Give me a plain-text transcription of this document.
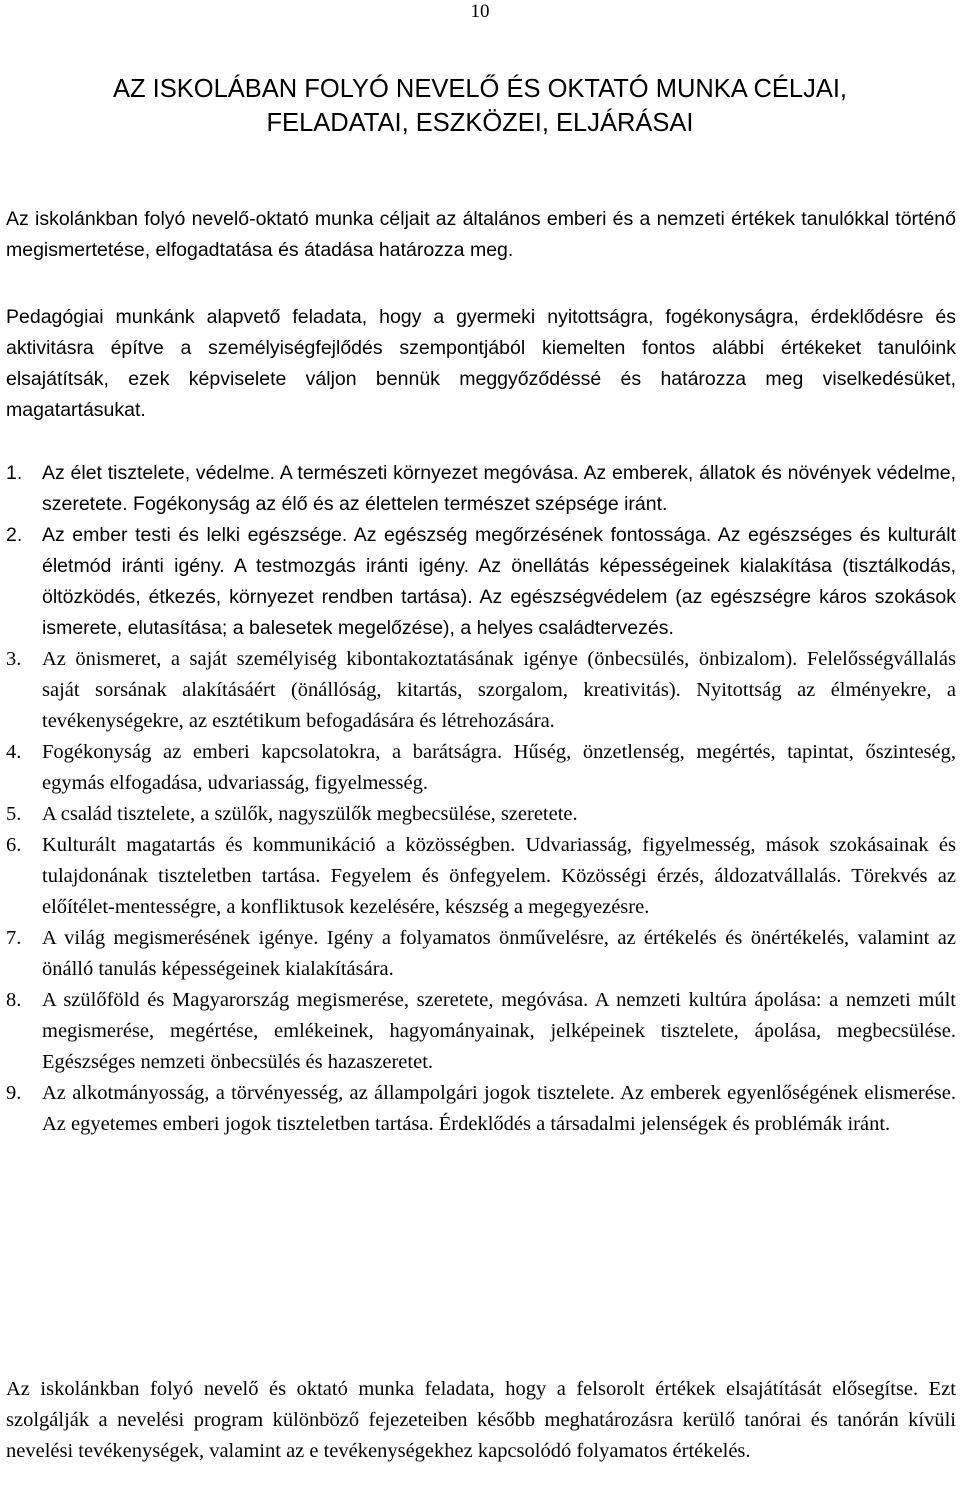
10
AZ ISKOLÁBAN FOLYÓ NEVELŐ ÉS OKTATÓ MUNKA CÉLJAI,
FELADATAI, ESZKÖZEI, ELJÁRÁSAI

Az iskolánkban folyó nevelő-oktató munka céljait az általános emberi és a nemzeti értékek tanulókkal történő megismertetése, elfogadtatása és átadása határozza meg.

Pedagógiai munkánk alapvető feladata, hogy a gyermeki nyitottságra, fogékonyságra, érdeklődésre és aktivitásra építve a személyiségfejlődés szempontjából kiemelten fontos alábbi értékeket tanulóink elsajátítsák, ezek képviselete váljon bennük meggyőződéssé és határozza meg viselkedésüket, magatartásukat.

1. Az élet tisztelete, védelme. A természeti környezet megóvása. Az emberek, állatok és növények védelme, szeretete. Fogékonyság az élő és az élettelen természet szépsége iránt.
2. Az ember testi és lelki egészsége. Az egészség megőrzésének fontossága. Az egészséges és kulturált életmód iránti igény. A testmozgás iránti igény. Az önellátás képességeinek kialakítása (tisztálkodás, öltözködés, étkezés, környezet rendben tartása). Az egészségvédelem (az egészségre káros szokások ismerete, elutasítása; a balesetek megelőzése), a helyes családtervezés.
3. Az önismeret, a saját személyiség kibontakoztatásának igénye (önbecsülés, önbizalom). Felelősségvállalás saját sorsának alakításáért (önállóság, kitartás, szorgalom, kreativitás). Nyitottság az élményekre, a tevékenységekre, az esztétikum befogadására és létrehozására.
4. Fogékonyság az emberi kapcsolatokra, a barátságra. Hűség, önzetlenség, megértés, tapintat, őszinteség, egymás elfogadása, udvariasság, figyelmesség.
5. A család tisztelete, a szülők, nagyszülők megbecsülése, szeretete.
6. Kulturált magatartás és kommunikáció a közösségben. Udvariasság, figyelmesség, mások szokásainak és tulajdonának tiszteletben tartása. Fegyelem és önfegyelem. Közösségi érzés, áldozatvállalás. Törekvés az előítélet-mentességre, a konfliktusok kezelésére, készség a megegyezésre.
7. A világ megismerésének igénye. Igény a folyamatos önművelésre, az értékelés és önértékelés, valamint az önálló tanulás képességeinek kialakítására.
8. A szülőföld és Magyarország megismerése, szeretete, megóvása. A nemzeti kultúra ápolása: a nemzeti múlt megismerése, megértése, emlékeinek, hagyományainak, jelképeinek tisztelete, ápolása, megbecsülése. Egészséges nemzeti önbecsülés és hazaszeretet.
9. Az alkotmányosság, a törvényesség, az állampolgári jogok tisztelete. Az emberek egyenlőségének elismerése. Az egyetemes emberi jogok tiszteletben tartása. Érdeklődés a társadalmi jelenségek és problémák iránt.

Az iskolánkban folyó nevelő és oktató munka feladata, hogy a felsorolt értékek elsajátítását elősegítse. Ezt szolgálják a nevelési program különböző fejezeteiben később meghatározásra kerülő tanórai és tanórán kívüli nevelési tevékenységek, valamint az e tevékenységekhez kapcsolódó folyamatos értékelés.
